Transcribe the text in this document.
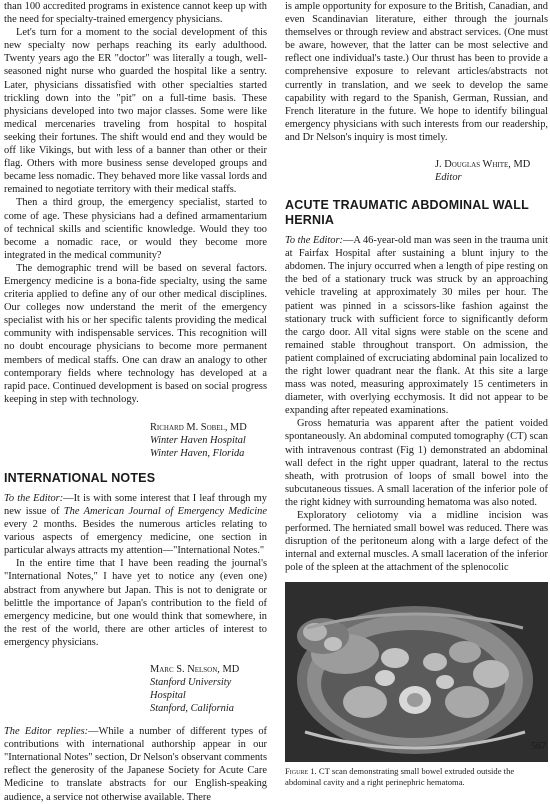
than 100 accredited programs in existence cannot keep up with the need for specialty-trained emergency physicians.

Let's turn for a moment to the social development of this new specialty now perhaps reaching its early adulthood. Twenty years ago the ER "doctor" was literally a tough, well-seasoned night nurse who guarded the hospital like a sentry. Later, physicians dissatisfied with other specialties started trickling down into the "pit" on a full-time basis. These physicians developed into two major classes. Some were like medical mercenaries traveling from hospital to hospital seeking their fortunes. The shift would end and they would be off like Vikings, but with less of a banner than other or their flag. Others with more business sense developed groups and became less nomadic. They behaved more like vassal lords and remained to negotiate territory with their medical staffs.

Then a third group, the emergency specialist, started to come of age. These physicians had a defined armamentarium of technical skills and scientific knowledge. Would they too become a nomadic race, or would they become more integrated in the medical community?

The demographic trend will be based on several factors. Emergency medicine is a bona-fide specialty, using the same criteria applied to define any of our other medical disciplines. Our colleges now understand the merit of the emergency specialist with his or her specific talents providing the medical community with indispensable services. This recognition will no doubt encourage physicians to become more permanent members of medical staffs. One can draw an analogy to other contemporary fields where technology has developed at a rapid pace. Continued development is based on social progress keeping in step with technology.

Richard M. Sobel, MD
Winter Haven Hospital
Winter Haven, Florida
INTERNATIONAL NOTES

To the Editor:—It is with some interest that I leaf through my new issue of The American Journal of Emergency Medicine every 2 months. Besides the numerous articles relating to various aspects of emergency medicine, one section in particular always attracts my attention—"International Notes."

In the entire time that I have been reading the journal's "International Notes," I have yet to notice any (even one) abstract from anywhere but Japan. This is not to denigrate or belittle the importance of Japan's contribution to the field of emergency medicine, but one would think that somewhere, in the rest of the world, there are other articles of interest to emergency physicians.

Marc S. Nelson, MD
Stanford University Hospital
Stanford, California

The Editor replies:—While a number of different types of contributions with international authorship appear in our "International Notes" section, Dr Nelson's observant comments reflect the generosity of the Japanese Society for Acute Care Medicine to translate abstracts for our English-speaking audience, a service not otherwise available. There

is ample opportunity for exposure to the British, Canadian, and even Scandinavian literature, either through the journals themselves or through review and abstract services. (One must be aware, however, that the latter can be most selective and reflect one individual's taste.) Our thrust has been to provide a comprehensive exposure to relevant articles/abstracts not currently in translation, and we seek to develop the same capability with regard to the Spanish, German, Russian, and French literature in the future. We hope to identify bilingual emergency physicians with such interests from our readership, and Dr Nelson's inquiry is most timely.

J. Douglas White, MD
Editor
ACUTE TRAUMATIC ABDOMINAL WALL HERNIA

To the Editor:—A 46-year-old man was seen in the trauma unit at Fairfax Hospital after sustaining a blunt injury to the abdomen. The injury occurred when a length of pipe resting on the bed of a stationary truck was struck by an approaching vehicle traveling at approximately 30 miles per hour. The patient was pinned in a scissors-like fashion against the stationary truck with sufficient force to significantly deform the cargo door. All vital signs were stable on the scene and remained stable throughout transport. On admission, the patient complained of excruciating abdominal pain localized to the right lower quadrant near the flank. At this site a large mass was noted, measuring approximately 15 centimeters in diameter, with overlying ecchymosis. It did not appear to be expanding after repeated examinations.

Gross hematuria was apparent after the patient voided spontaneously. An abdominal computed tomography (CT) scan with intravenous contrast (Fig 1) demonstrated an abdominal wall defect in the right upper quadrant, lateral to the rectus sheath, with protrusion of loops of small bowel into the subcutaneous tissues. A small laceration of the inferior pole of the right kidney with surrounding hematoma was also noted.

Exploratory celiotomy via a midline incision was performed. The herniated small bowel was reduced. There was disruption of the peritoneum along with a large defect of the internal and external muscles. A small laceration of the inferior pole of the spleen at the attachment of the splenocolic

Figure 1. CT scan demonstrating small bowel extruded outside the abdominal cavity and a right perinephric hematoma.
567
